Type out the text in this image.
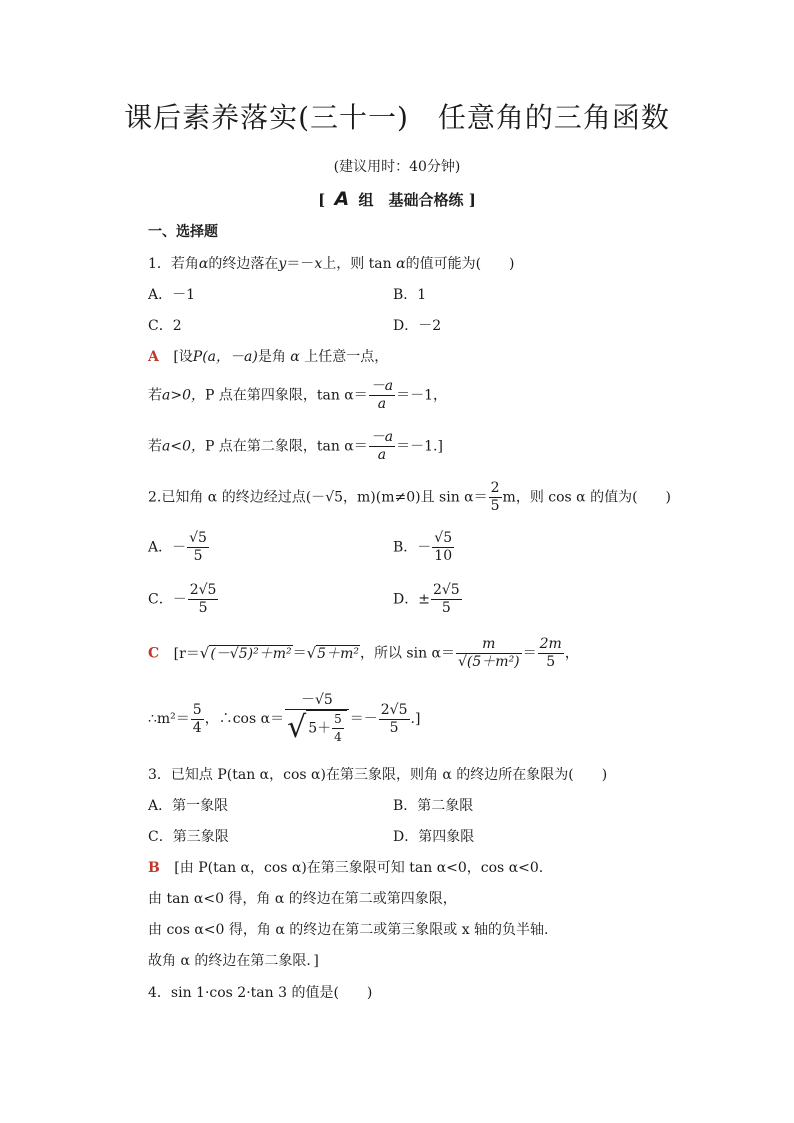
课后素养落实(三十一)　任意角的三角函数
(建议用时：40分钟)
[ A 组　基础合格练 ]
一、选择题
1．若角α的终边落在y＝－x上，则 tan α的值可能为(　　)
A．－1	B．1
C．2	D．－2
A [设P(a，－a)是角 α 上任意一点，
若a>0，P 点在第四象限，$\tan \alpha= \frac{-a}{a} =-1$，
若a<0，P 点在第二象限，$\tan \alpha= \frac{-a}{a} =-1$.]
2.已知角 α 的终边经过点(－√5，m)(m≠0)且 $\sin \alpha= \frac{2}{5}$ m，则 cos α 的值为(　　)
A．－ $\frac{√5}{5}$	B．－ $\frac{√5}{10}$
C．－ $\frac{2√5}{5}$	D．± $\frac{2√5}{5}$
C [r＝√(－√5)²＋m²＝√5＋m²，所以 $\sin \alpha= \frac{m}{\text{√(5＋m²)}} = \frac{2m}{5}$ ，
∴m²＝ $\frac{5}{4}$ ，∴cos $\alpha= \frac{-√5}{√ 5+ \frac{5}{4}} =- \frac{2√5}{5}$ .]
3．已知点 P(tan α，cos α)在第三象限，则角 α 的终边所在象限为(　　)
A．第一象限	B．第二象限
C．第三象限	D．第四象限
B [由 P(tan α，cos α)在第三象限可知 tan α<0，cos α<0.
由 tan α<0 得，角 α 的终边在第二或第四象限，
由 cos α<0 得，角 α 的终边在第二或第三象限或 x 轴的负半轴.
故角 α 的终边在第二象限．]
4．sin 1·cos 2·tan 3 的值是(　　)
